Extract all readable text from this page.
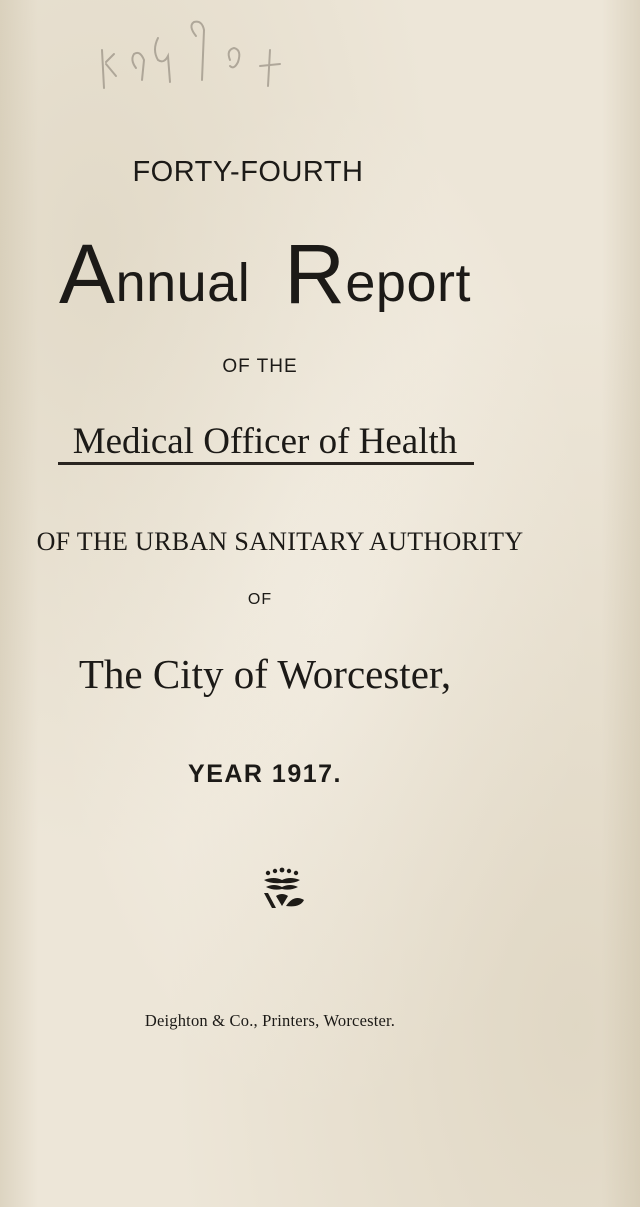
FORTY-FOURTH
Annual Report
OF THE
Medical Officer of Health
OF THE URBAN SANITARY AUTHORITY
OF
The City of Worcester,
YEAR 1917.
Deighton & Co., Printers, Worcester.
